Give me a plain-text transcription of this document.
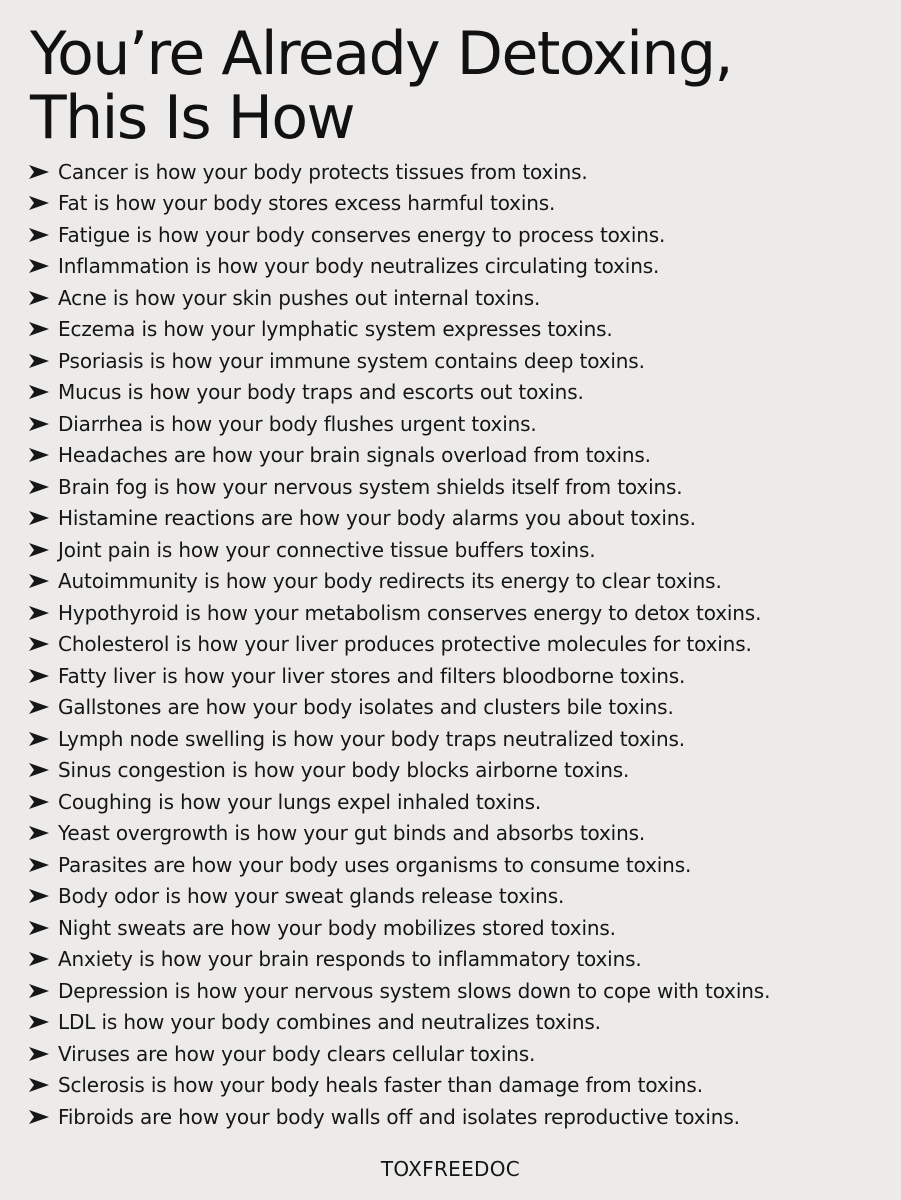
You’re Already Detoxing,
This Is How
Cancer is how your body protects tissues from toxins.
Fat is how your body stores excess harmful toxins.
Fatigue is how your body conserves energy to process toxins.
Inflammation is how your body neutralizes circulating toxins.
Acne is how your skin pushes out internal toxins.
Eczema is how your lymphatic system expresses toxins.
Psoriasis is how your immune system contains deep toxins.
Mucus is how your body traps and escorts out toxins.
Diarrhea is how your body flushes urgent toxins.
Headaches are how your brain signals overload from toxins.
Brain fog is how your nervous system shields itself from toxins.
Histamine reactions are how your body alarms you about toxins.
Joint pain is how your connective tissue buffers toxins.
Autoimmunity is how your body redirects its energy to clear toxins.
Hypothyroid is how your metabolism conserves energy to detox toxins.
Cholesterol is how your liver produces protective molecules for toxins.
Fatty liver is how your liver stores and filters bloodborne toxins.
Gallstones are how your body isolates and clusters bile toxins.
Lymph node swelling is how your body traps neutralized toxins.
Sinus congestion is how your body blocks airborne toxins.
Coughing is how your lungs expel inhaled toxins.
Yeast overgrowth is how your gut binds and absorbs toxins.
Parasites are how your body uses organisms to consume toxins.
Body odor is how your sweat glands release toxins.
Night sweats are how your body mobilizes stored toxins.
Anxiety is how your brain responds to inflammatory toxins.
Depression is how your nervous system slows down to cope with toxins.
LDL is how your body combines and neutralizes toxins.
Viruses are how your body clears cellular toxins.
Sclerosis is how your body heals faster than damage from toxins.
Fibroids are how your body walls off and isolates reproductive toxins.
TOXFREEDOC
